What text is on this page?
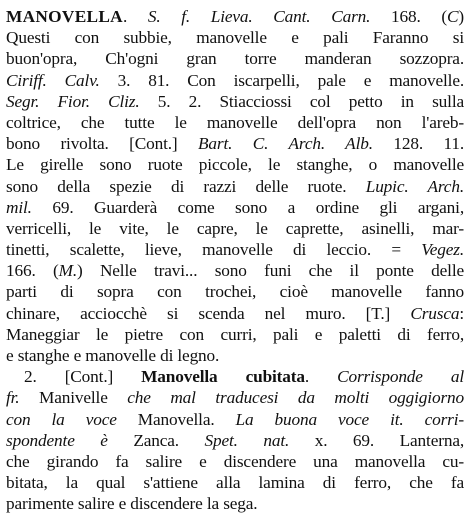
MANOVELLA. S. f. Lieva. Cant. Carn. 168. (C)
Questi con subbie, manovelle e pali Faranno si
buon'opra, Ch'ogni gran torre manderan sozzopra.
Ciriff. Calv. 3. 81. Con iscarpelli, pale e manovelle.
Segr. Fior. Cliz. 5. 2. Stiacciossi col petto in sulla
coltrice, che tutte le manovelle dell'opra non l'areb-
bono rivolta. [Cont.] Bart. C. Arch. Alb. 128. 11.
Le girelle sono ruote piccole, le stanghe, o manovelle
sono della spezie di razzi delle ruote. Lupic. Arch.
mil. 69. Guarderà come sono a ordine gli argani,
verricelli, le vite, le capre, le caprette, asinelli, mar-
tinetti, scalette, lieve, manovelle di leccio. = Vegez.
166. (M.) Nelle travi... sono funi che il ponte delle
parti di sopra con trochei, cioè manovelle fanno
chinare, acciocchè si scenda nel muro. [T.] Crusca:
Maneggiar le pietre con curri, pali e paletti di ferro,
e stanghe e manovelle di legno.
2. [Cont.] Manovella cubitata. Corrisponde al
fr. Manivelle che mal traducesi da molti oggigiorno
con la voce Manovella. La buona voce it. corri-
spondente è Zanca. Spet. nat. x. 69. Lanterna,
che girando fa salire e discendere una manovella cu-
bitata, la qual s'attiene alla lamina di ferro, che fa
parimente salire e discendere la sega.
